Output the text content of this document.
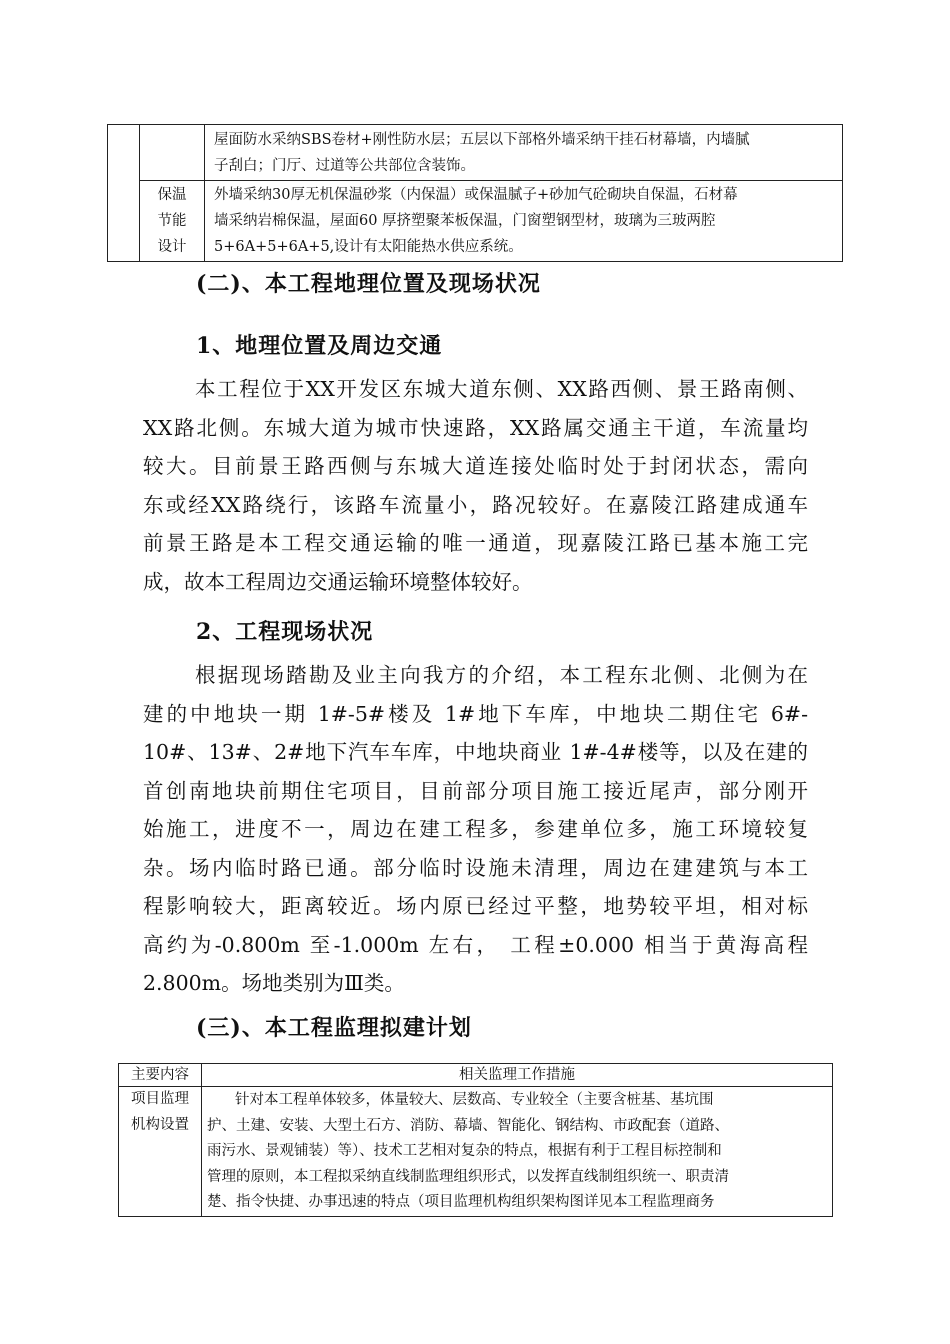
		屋面防水采纳SBS卷材+刚性防水层；五层以下部格外墙采纳干挂石材幕墙，内墙腻
子刮白；门厅、过道等公共部位含装饰。

	保温
节能
设计	外墙采纳30厚无机保温砂浆（内保温）或保温腻子+砂加气砼砌块自保温，石材幕
墙采纳岩棉保温，屋面60 厚挤塑聚苯板保温，门窗塑钢型材，玻璃为三玻两腔
5+6A+5+6A+5,设计有太阳能热水供应系统。
(二)、本工程地理位置及现场状况
1、地理位置及周边交通
本工程位于XX开发区东城大道东侧、XX路西侧、景王路南侧、
XX路北侧。东城大道为城市快速路，XX路属交通主干道，车流量均
较大。目前景王路西侧与东城大道连接处临时处于封闭状态，需向
东或经XX路绕行，该路车流量小，路况较好。在嘉陵江路建成通车
前景王路是本工程交通运输的唯一通道，现嘉陵江路已基本施工完
成，故本工程周边交通运输环境整体较好。
2、工程现场状况
根据现场踏勘及业主向我方的介绍，本工程东北侧、北侧为在
建的中地块一期 1#-5#楼及 1#地下车库，中地块二期住宅 6#-
10#、13#、2#地下汽车车库，中地块商业 1#-4#楼等，以及在建的
首创南地块前期住宅项目，目前部分项目施工接近尾声，部分刚开
始施工，进度不一，周边在建工程多，参建单位多，施工环境较复
杂。场内临时路已通。部分临时设施未清理，周边在建建筑与本工
程影响较大，距离较近。场内原已经过平整，地势较平坦，相对标
高约为-0.800m 至-1.000m 左右， 工程±0.000 相当于黄海高程
2.800m。场地类别为Ⅲ类。
(三)、本工程监理拟建计划
主要内容	相关监理工作措施

项目监理
机构设置	针对本工程单体较多，体量较大、层数高、专业较全（主要含桩基、基坑围
护、土建、安装、大型土石方、消防、幕墙、智能化、钢结构、市政配套（道路、
雨污水、景观铺装）等）、技术工艺相对复杂的特点，根据有利于工程目标控制和
管理的原则，本工程拟采纳直线制监理组织形式，以发挥直线制组织统一、职责清
楚、指令快捷、办事迅速的特点（项目监理机构组织架构图详见本工程监理商务
